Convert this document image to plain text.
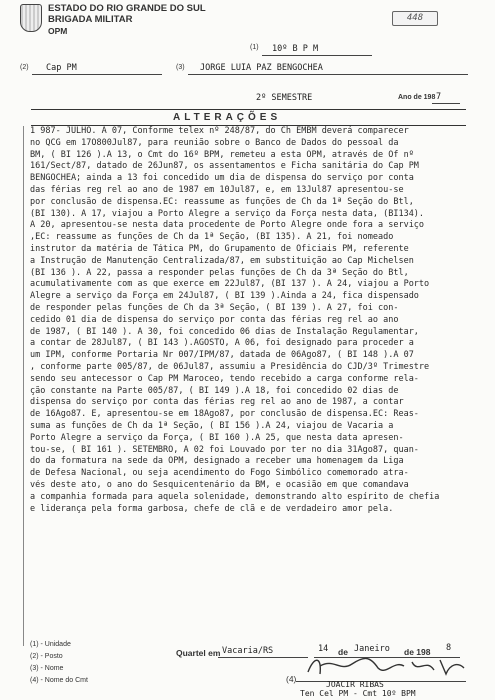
ESTADO DO RIO GRANDE DO SUL
BRIGADA MILITAR
OPM
448
(1) 10º B P M
(2) Cap PM	(3) JORGE LUIA PAZ BENGOCHEA
2º SEMESTRE	Ano de 198 7
ALTERAÇÕES
1 987- JULHO. A 07, Conforme telex nº 248/87, do Ch EMBM deverá comparecer
no QCG em 17O800Jul87, para reunião sobre o Banco de Dados do pessoal da
BM, ( BI 126 ).A 13, o Cmt do 16º BPM, remeteu a esta OPM, através de Of nº
161/Sect/87, datado de 26Jun87, os assentamentos e Ficha sanitária do Cap PM
BENGOCHEA; ainda a 13 foi concedido um dia de dispensa do serviço por conta
das férias reg rel ao ano de 1987 em 10Jul87, e, em 13Jul87 apresentou-se
por conclusão de dispensa.EC: reassume as funções de Ch da 1ª Seção do Btl,
(BI 130). A 17, viajou a Porto Alegre a serviço da Força nesta data, (BI134).
A 20, apresentou-se nesta data procedente de Porto Alegre onde fora a serviço
,EC: reassume as funções de Ch da 1ª Seção, (BI 135). A 21, foi nomeado
instrutor da matéria de Tática PM, do Grupamento de Oficiais PM, referente
a Instrução de Manutenção Centralizada/87, em substituição ao Cap Michelsen
(BI 136 ). A 22, passa a responder pelas funções de Ch da 3ª Seção do Btl,
acumulativamente com as que exerce em 22Jul87, (BI 137 ). A 24, viajou a Porto
Alegre a serviço da Força em 24Jul87, ( BI 139 ).Ainda a 24, fica dispensado
de responder pelas funções de Ch da 3ª Seção, ( BI 139 ). A 27, foi con-
cedido 01 dia de dispensa do serviço por conta das férias reg rel ao ano
de 1987, ( BI 140 ). A 30, foi concedido 06 dias de Instalação Regulamentar,
a contar de 28Jul87, ( BI 143 ).AGOSTO, A 06, foi designado para proceder a
um IPM, conforme Portaria Nr 007/IPM/87, datada de 06Ago87, ( BI 148 ).A 07
, conforme parte 005/87, de 06Jul87, assumiu a Presidência do CJD/3º Trimestre
sendo seu antecessor o Cap PM Maroceo, tendo recebido a carga conforme rela-
ção constante na Parte 005/87, ( BI 149 ).A 18, foi concedido 02 dias de
dispensa do serviço por conta das férias reg rel ao ano de 1987, a contar
de 16Ago87. E, apresentou-se em 18Ago87, por conclusão de dispensa.EC: Reas-
suma as funções de Ch da 1ª Seção, ( BI 156 ).A 24, viajou de Vacaria a
Porto Alegre a serviço da Força, ( BI 160 ).A 25, que nesta data apresen-
tou-se, ( BI 161 ). SETEMBRO, A 02 foi Louvado por ter no dia 31Ago87, quan-
do da formatura na sede da OPM, designado a receber uma homenagem da Liga
de Defesa Nacional, ou seja acendimento do Fogo Simbólico comemorado atra-
vés deste ato, o ano do Sesquicentenário da BM, e ocasião em que comandava
a companhia formada para aquela solenidade, demonstrando alto espírito de chefia
e liderança pela forma garbosa, chefe de clã e de verdadeiro amor pela.
(1) - Unidade
(2) - Posto
(3) - Nome
(4) - Nome do Cmt
Quartel em Vacaria/RS	14 de Janeiro de 198 8
(4)
JOACIR RIBAS
Ten Cel PM - Cmt 10º BPM
